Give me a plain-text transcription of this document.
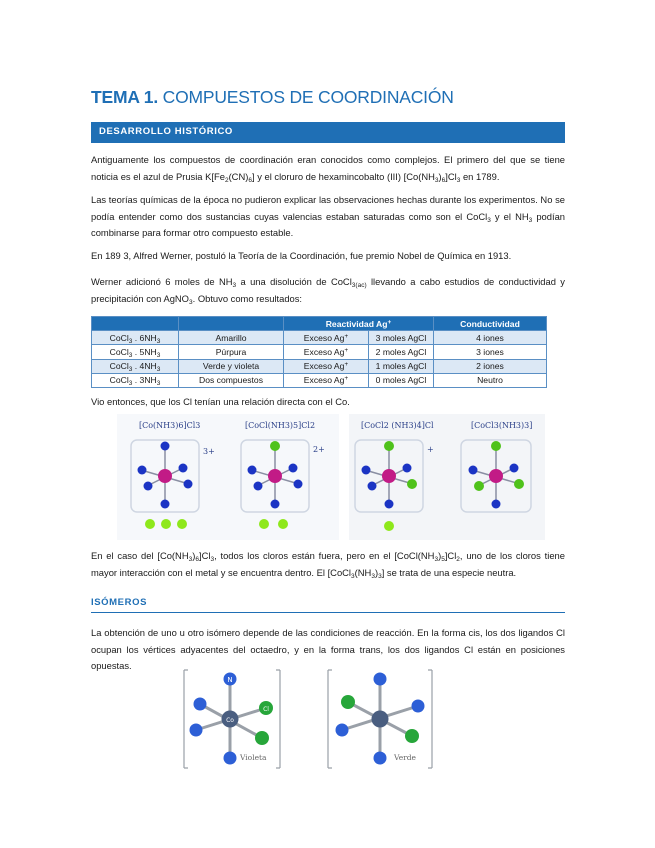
TEMA 1. COMPUESTOS DE COORDINACIÓN
DESARROLLO HISTÓRICO
Antiguamente los compuestos de coordinación eran conocidos como complejos. El primero del que se tiene noticia es el azul de Prusia $K[Fe_2(CN)_6]$ y el cloruro de hexamincobalto (III) $[Co(NH_3)_6]Cl_3$ en 1789.
Las teorías químicas de la época no pudieron explicar las observaciones hechas durante los experimentos. No se podía entender como dos sustancias cuyas valencias estaban saturadas como son el CoCl$_3$ y el $NH_3$ podían combinarse para formar otro compuesto estable.
En 189 3, Alfred Werner, postuló la Teoría de la Coordinación, fue premio Nobel de Química en 1913.
Werner adicionó 6 moles de $NH_3$ a una disolución de CoCl$_{3(ac)}$ llevando a cabo estudios de conductividad y precipitación con AgNO$_3$. Obtuvo como resultados:
		Reactividad Ag+		Conductividad
CoCl$_3$ . $6NH_3$	Amarillo	Exceso Ag+	3 moles AgCl	4 iones
CoCl$_3$ . $5NH_3$	Púrpura	Exceso Ag+	2 moles AgCl	3 iones
CoCl$_3$ . $4NH_3$	Verde y violeta	Exceso Ag+	1 moles AgCl	2 iones
CoCl$_3$ . $3NH_3$	Dos compuestos	Exceso Ag+	0 moles AgCl	Neutro
Vio entonces, que los Cl tenían una relación directa con el Co.
[Co(NH3)6]Cl3
3+
[CoCl(NH3)5]Cl2
2+
[CoCl2 (NH3)4]Cl
+
[CoCl3(NH3)3]
En el caso del $[Co(NH_3)_6]Cl_3$, todos los cloros están fuera, pero en el $[CoCl(NH_3)_5]Cl_2$, uno de los cloros tiene mayor interacción con el metal y se encuentra dentro. El $[CoCl_3(NH_3)_3]$ se trata de una especie neutra.
ISÓMEROS
La obtención de uno u otro isómero depende de las condiciones de reacción. En la forma cis, los dos ligandos Cl ocupan los vértices adyacentes del octaedro, y en la forma trans, los dos ligandos Cl están en posiciones opuestas.
N
Cl
Co
Violeta	Verde
